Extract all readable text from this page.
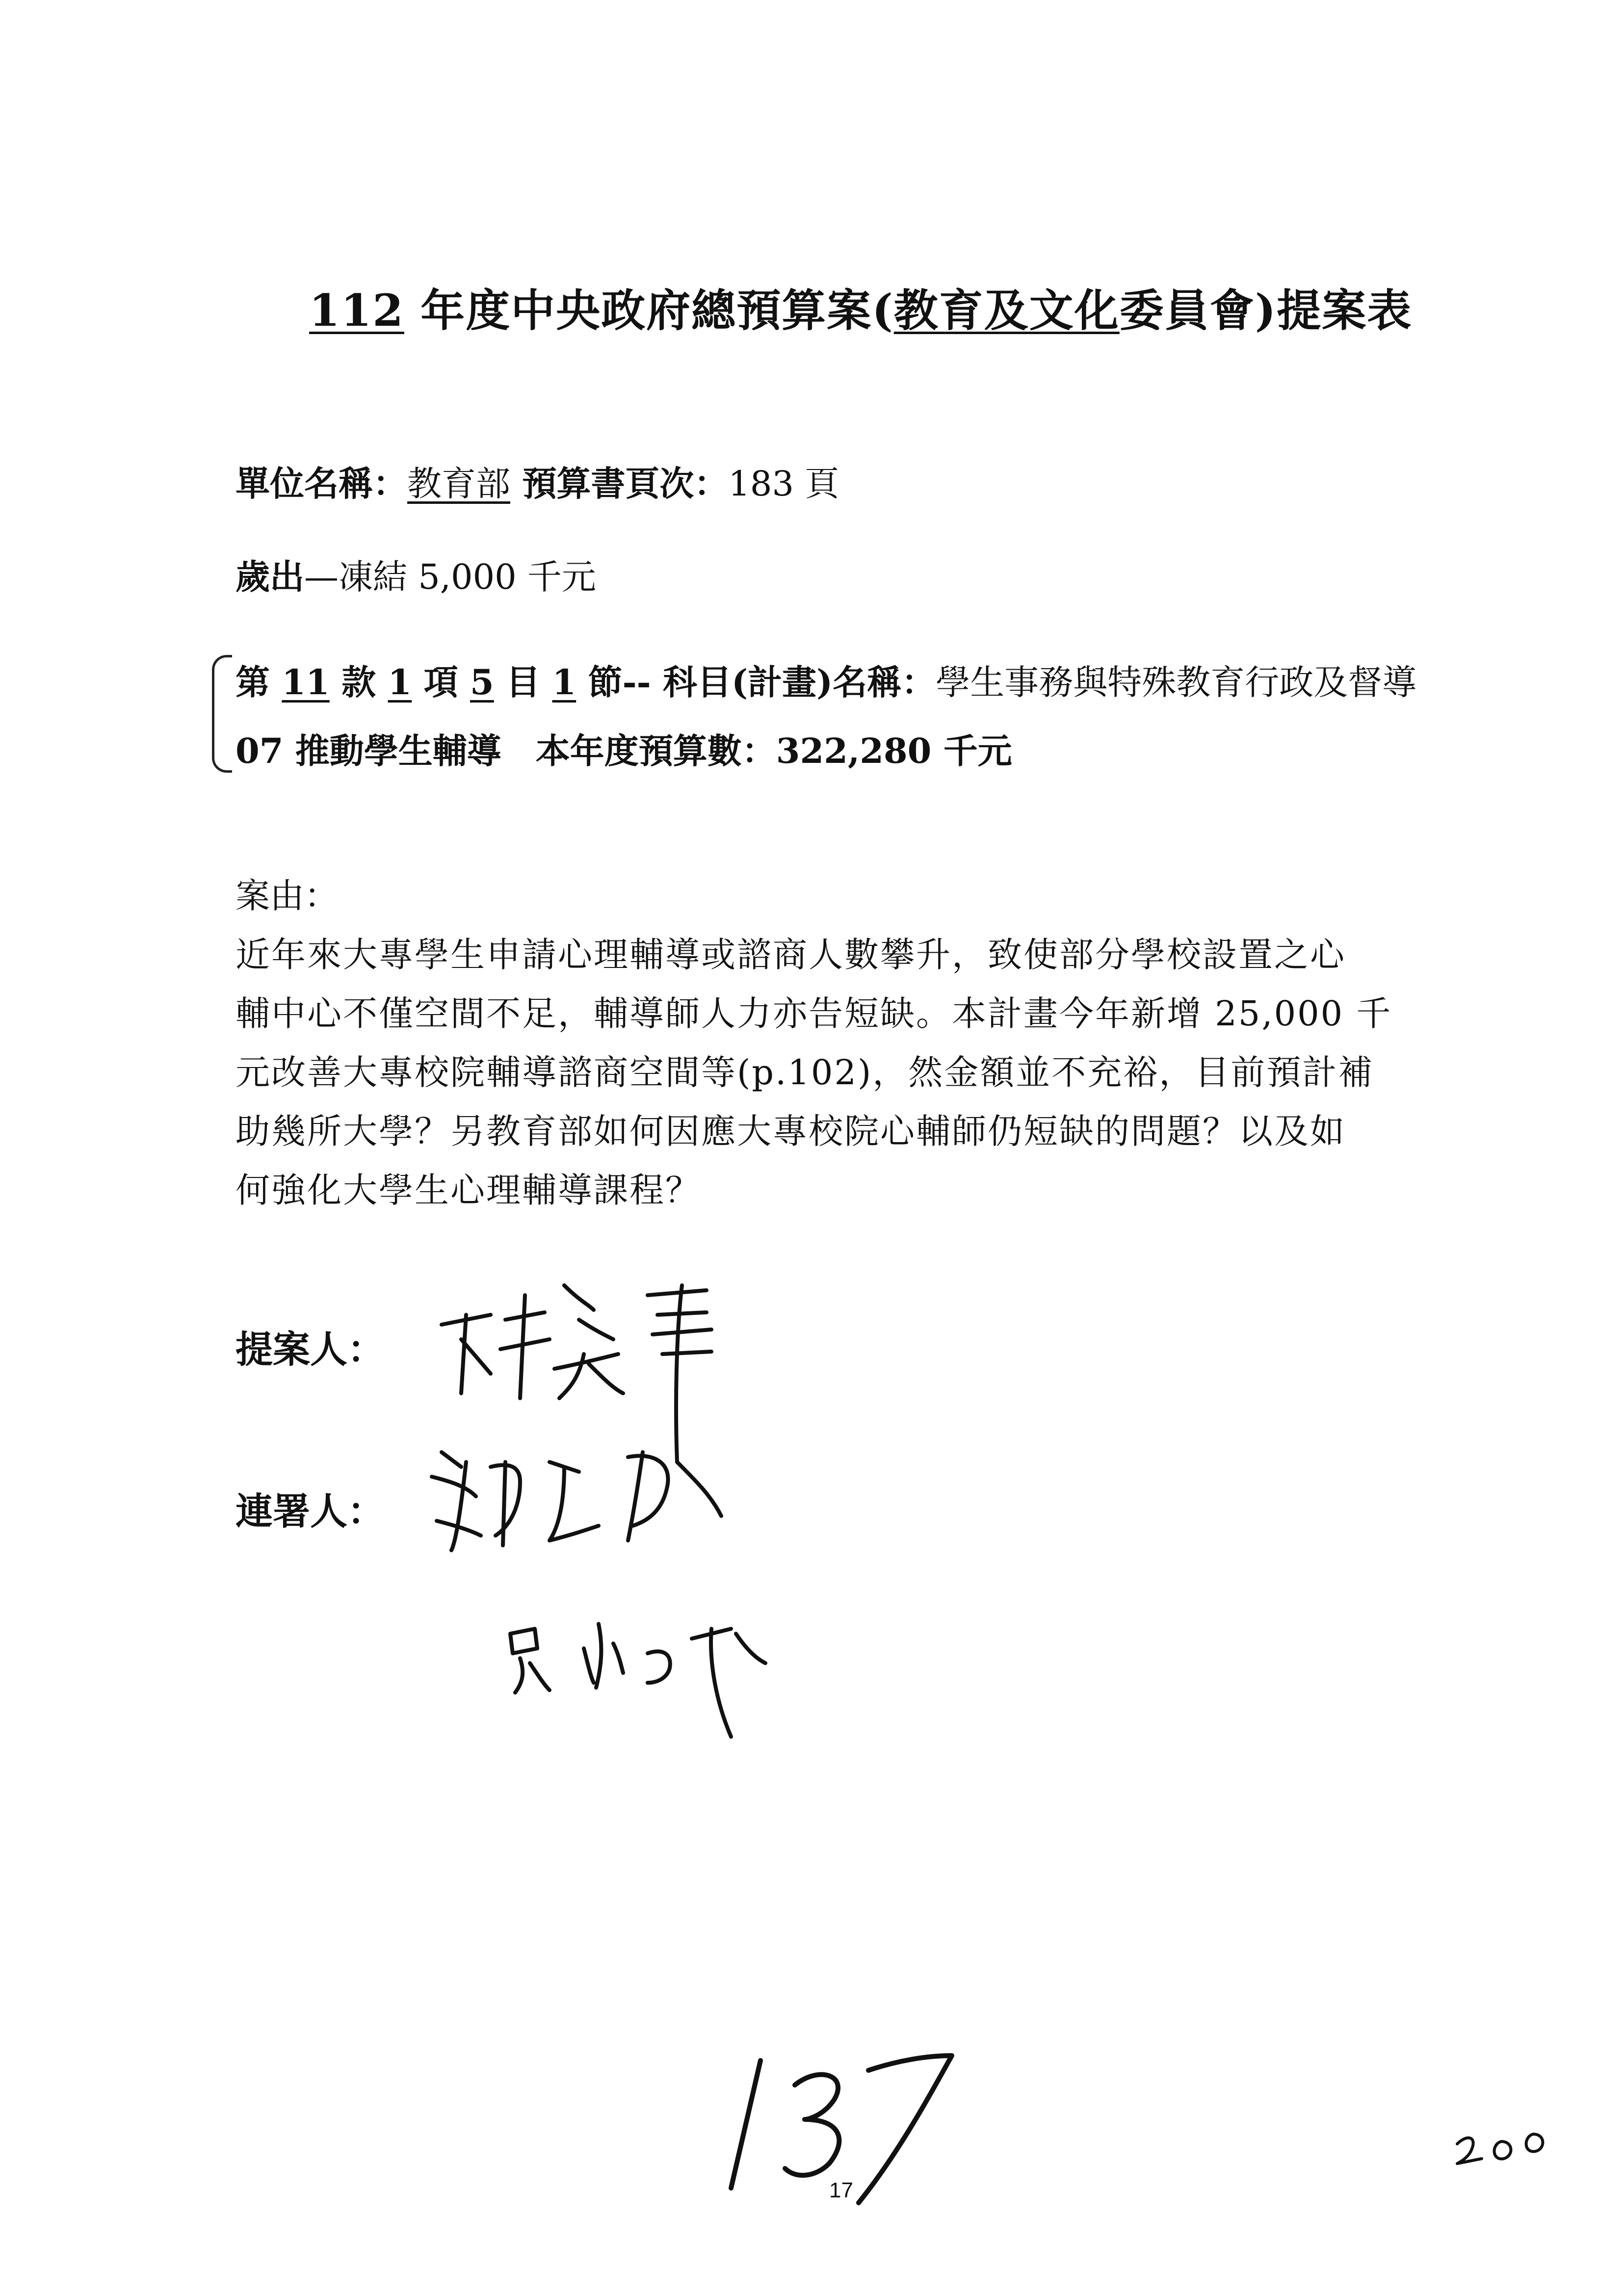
112 年度中央政府總預算案(教育及文化委員會)提案表
單位名稱：教育部 預算書頁次：183 頁
歲出—凍結 5,000 千元
第 11 款 1 項 5 目 1 節-- 科目(計畫)名稱：學生事務與特殊教育行政及督導
07 推動學生輔導　本年度預算數：322,280 千元
案由：
近年來大專學生申請心理輔導或諮商人數攀升，致使部分學校設置之心
輔中心不僅空間不足，輔導師人力亦告短缺。本計畫今年新增 25,000 千
元改善大專校院輔導諮商空間等(p.102)，然金額並不充裕，目前預計補
助幾所大學？另教育部如何因應大專校院心輔師仍短缺的問題？以及如
何強化大學生心理輔導課程？
提案人：
連署人：
17
